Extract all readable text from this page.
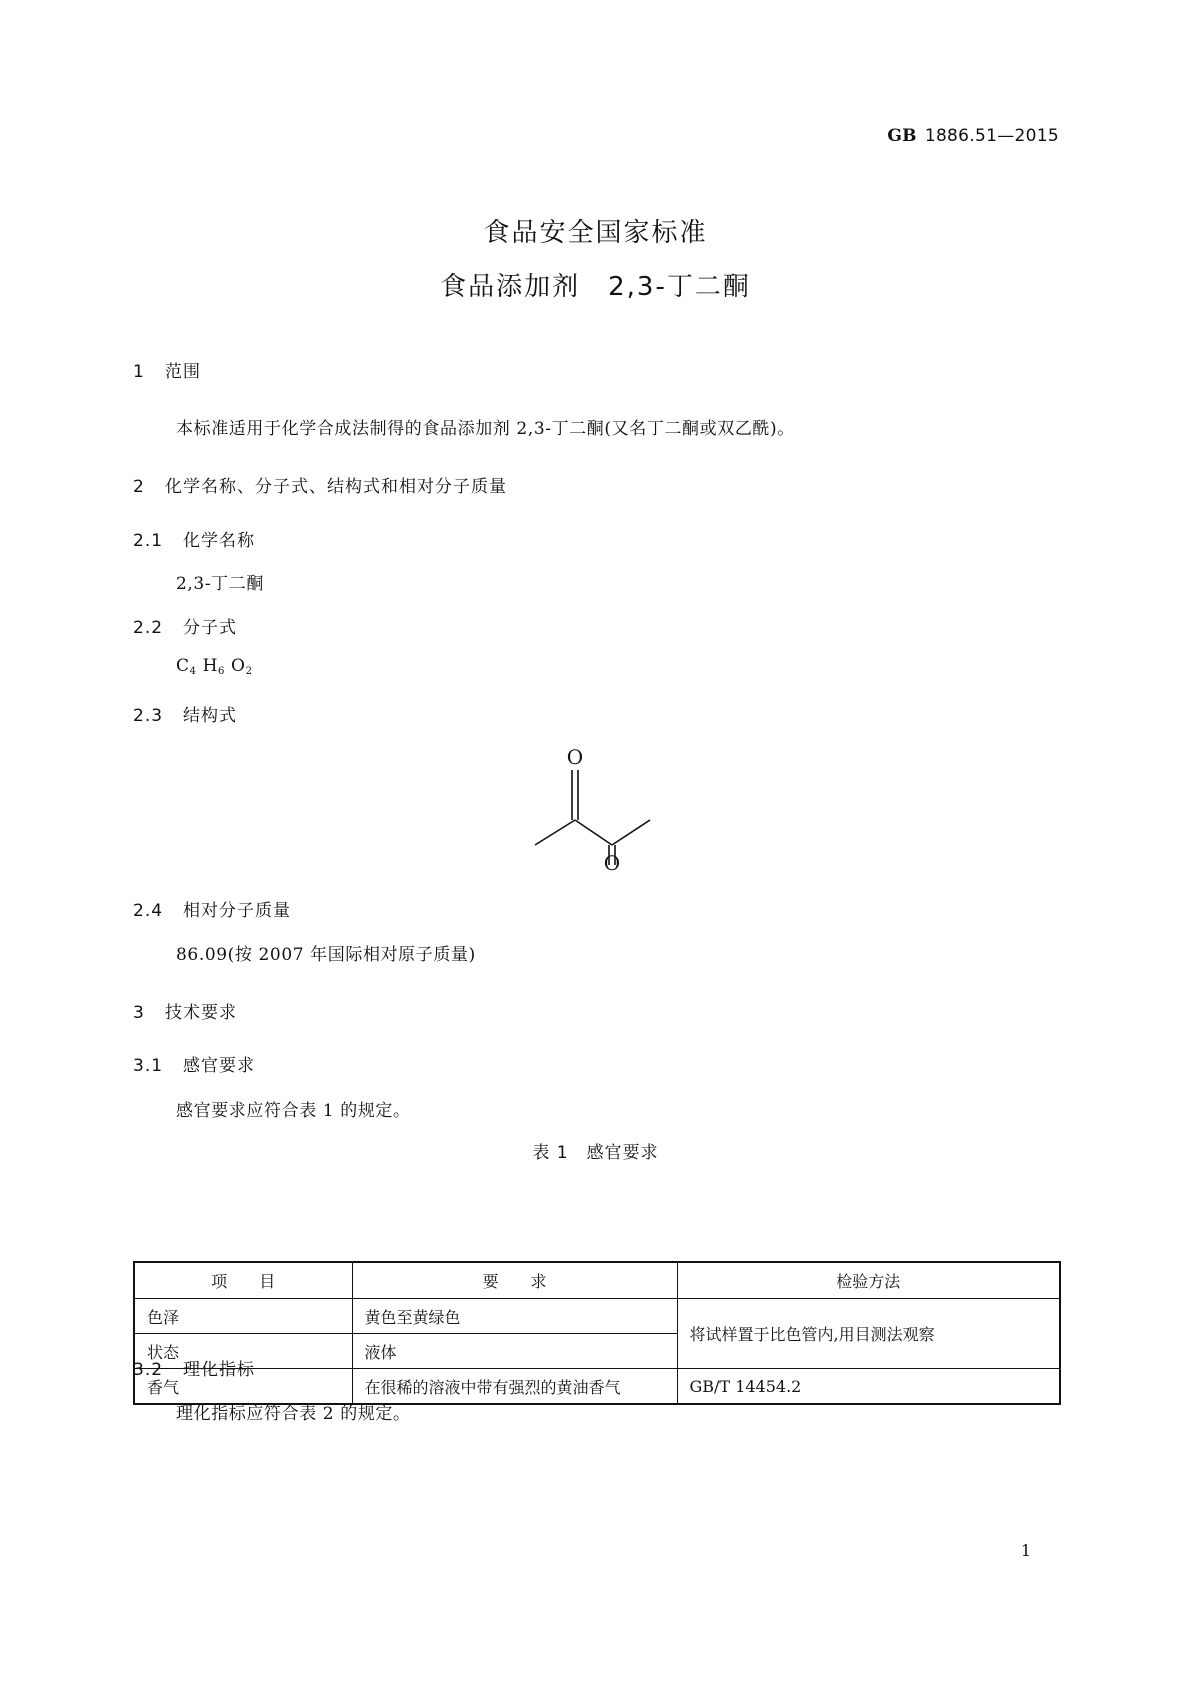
GB 1886.51—2015
食品安全国家标准
食品添加剂　2,3-丁二酮
1 范围
本标准适用于化学合成法制得的食品添加剂 2,3-丁二酮(又名丁二酮或双乙酰)。
2 化学名称、分子式、结构式和相对分子质量
2.1 化学名称
2,3-丁二酮
2.2 分子式
$C_4$ $H_6$ $O_2$
2.3 结构式
O
O
2.4 相对分子质量
86.09(按 2007 年国际相对原子质量)
3 技术要求
3.1 感官要求
感官要求应符合表 1 的规定。
表 1　感官要求
项　　目	要　　求	检验方法
色泽	黄色至黄绿色	将试样置于比色管内,用目测法观察
状态	液体	
香气	在很稀的溶液中带有强烈的黄油香气	GB/T 14454.2
3.2 理化指标
理化指标应符合表 2 的规定。
1
